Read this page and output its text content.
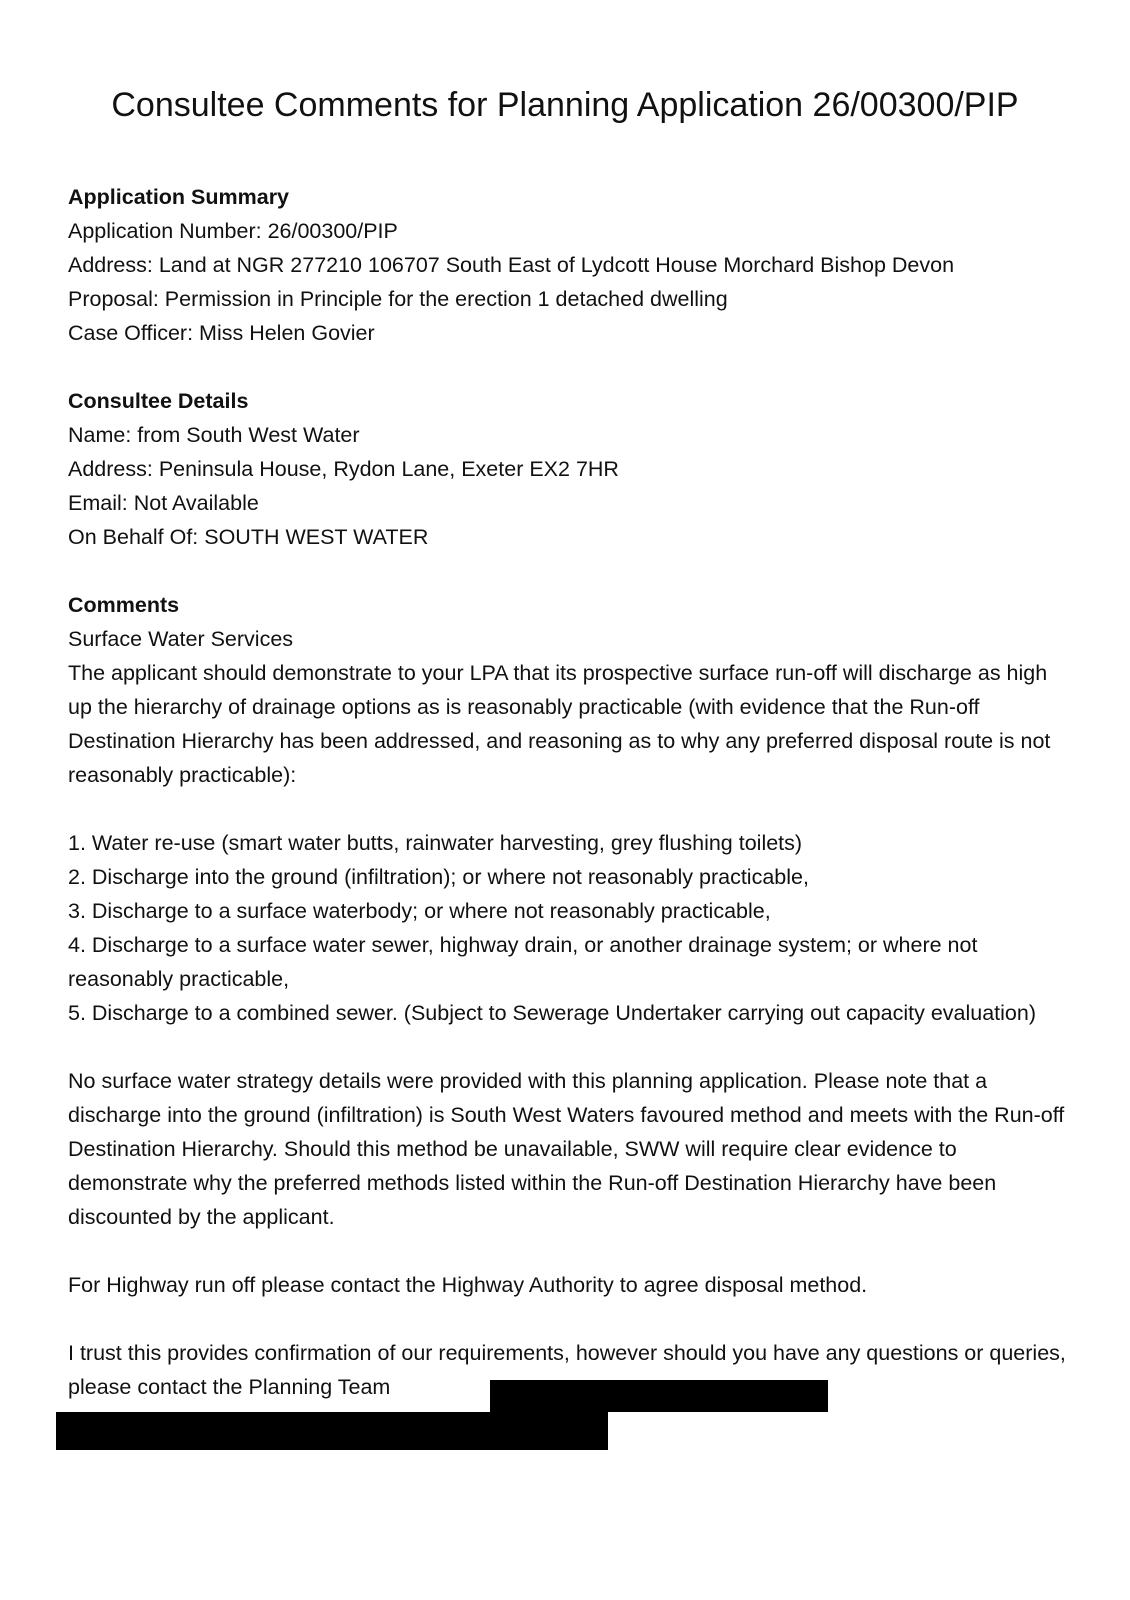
Consultee Comments for Planning Application 26/00300/PIP

Application Summary

Application Number: 26/00300/PIP

Address: Land at NGR 277210 106707 South East of Lydcott House Morchard Bishop Devon

Proposal: Permission in Principle for the erection 1 detached dwelling

Case Officer: Miss Helen Govier

Consultee Details

Name: from South West Water

Address: Peninsula House, Rydon Lane, Exeter EX2 7HR

Email: Not Available

On Behalf Of: SOUTH WEST WATER

Comments

Surface Water Services

The applicant should demonstrate to your LPA that its prospective surface run-off will discharge as high up the hierarchy of drainage options as is reasonably practicable (with evidence that the Run-off Destination Hierarchy has been addressed, and reasoning as to why any preferred disposal route is not reasonably practicable):

1. Water re-use (smart water butts, rainwater harvesting, grey flushing toilets)
2. Discharge into the ground (infiltration); or where not reasonably practicable,
3. Discharge to a surface waterbody; or where not reasonably practicable,
4. Discharge to a surface water sewer, highway drain, or another drainage system; or where not reasonably practicable,
5. Discharge to a combined sewer. (Subject to Sewerage Undertaker carrying out capacity evaluation)

No surface water strategy details were provided with this planning application. Please note that a discharge into the ground (infiltration) is South West Waters favoured method and meets with the Run-off Destination Hierarchy. Should this method be unavailable, SWW will require clear evidence to demonstrate why the preferred methods listed within the Run-off Destination Hierarchy have been discounted by the applicant.

For Highway run off please contact the Highway Authority to agree disposal method.

I trust this provides confirmation of our requirements, however should you have any questions or queries, please contact the Planning Team
